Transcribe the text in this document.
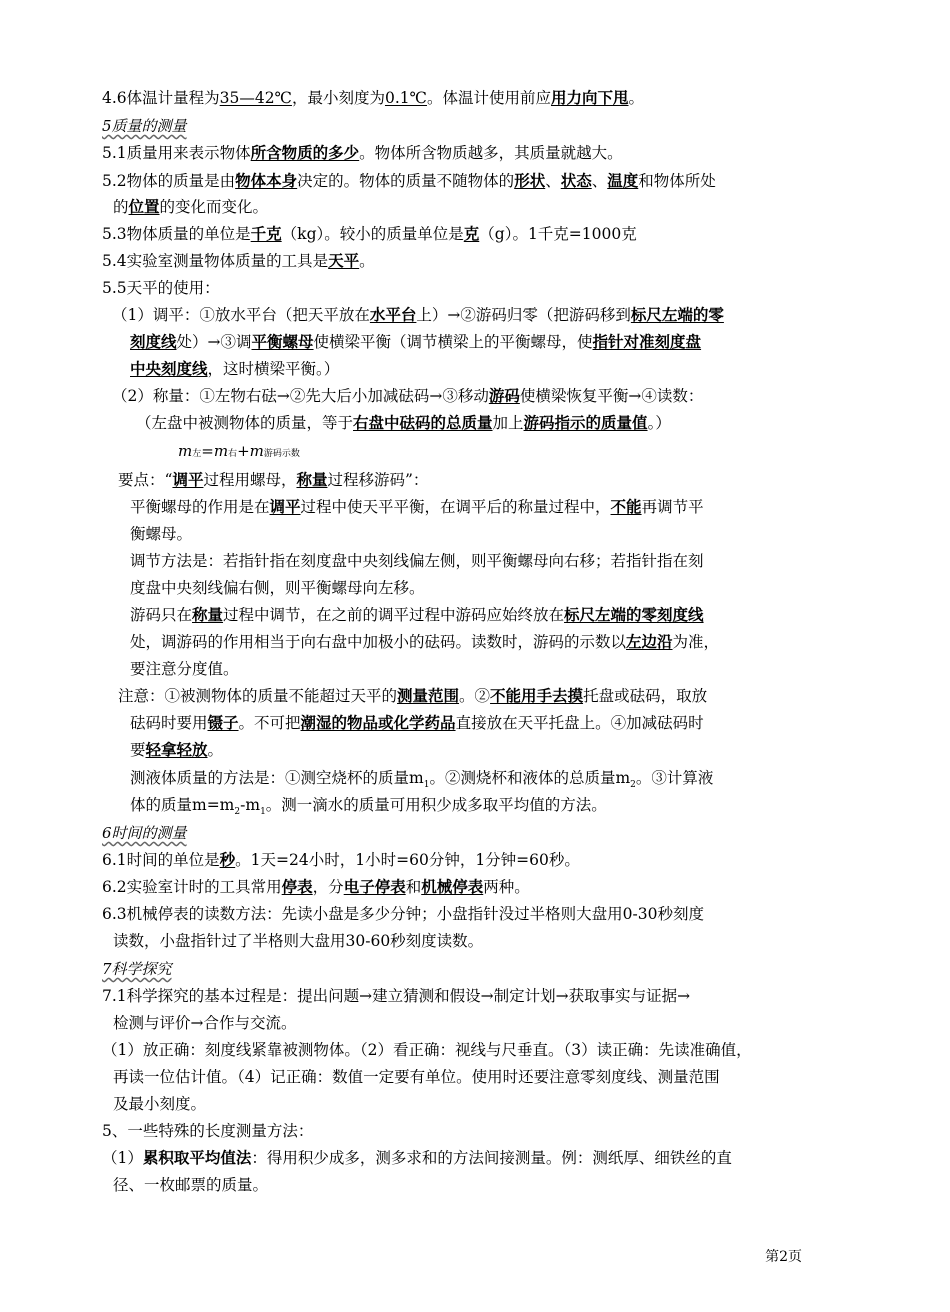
4.6体温计量程为35—42℃，最小刻度为0.1℃。体温计使用前应用力向下甩。
5质量的测量
5.1质量用来表示物体所含物质的多少。物体所含物质越多，其质量就越大。
5.2物体的质量是由物体本身决定的。物体的质量不随物体的形状、状态、温度和物体所处
的位置的变化而变化。
5.3物体质量的单位是千克（kg）。较小的质量单位是克（g）。1千克=1000克
5.4实验室测量物体质量的工具是天平。
5.5天平的使用：
（1）调平：①放水平台（把天平放在水平台上）→②游码归零（把游码移到标尺左端的零
刻度线处）→③调平衡螺母使横梁平衡（调节横梁上的平衡螺母，使指针对准刻度盘
中央刻度线，这时横梁平衡。）
（2）称量：①左物右砝→②先大后小加减砝码→③移动游码使横梁恢复平衡→④读数：
（左盘中被测物体的质量，等于右盘中砝码的总质量加上游码指示的质量值。）
m左=m右+m游码示数
要点：“调平过程用螺母，称量过程移游码”：
平衡螺母的作用是在调平过程中使天平平衡，在调平后的称量过程中，不能再调节平
衡螺母。
调节方法是：若指针指在刻度盘中央刻线偏左侧，则平衡螺母向右移；若指针指在刻
度盘中央刻线偏右侧，则平衡螺母向左移。
游码只在称量过程中调节，在之前的调平过程中游码应始终放在标尺左端的零刻度线
处，调游码的作用相当于向右盘中加极小的砝码。读数时，游码的示数以左边沿为准，
要注意分度值。
注意：①被测物体的质量不能超过天平的测量范围。②不能用手去摸托盘或砝码，取放
砝码时要用镊子。不可把潮湿的物品或化学药品直接放在天平托盘上。④加减砝码时
要轻拿轻放。
测液体质量的方法是：①测空烧杯的质量$m_1$。②测烧杯和液体的总质量$m_2$。③计算液
体的质量$m=m_2-m_1$。测一滴水的质量可用积少成多取平均值的方法。
6时间的测量
6.1时间的单位是秒。1天=24小时，1小时=60分钟，1分钟=60秒。
6.2实验室计时的工具常用停表，分电子停表和机械停表两种。
6.3机械停表的读数方法：先读小盘是多少分钟；小盘指针没过半格则大盘用0-30秒刻度
读数，小盘指针过了半格则大盘用30-60秒刻度读数。
7科学探究
7.1科学探究的基本过程是：提出问题→建立猜测和假设→制定计划→获取事实与证据→
检测与评价→合作与交流。
（1）放正确：刻度线紧靠被测物体。（2）看正确：视线与尺垂直。（3）读正确：先读准确值，
再读一位估计值。（4）记正确：数值一定要有单位。使用时还要注意零刻度线、测量范围
及最小刻度。
5、一些特殊的长度测量方法：
（1）累积取平均值法：得用积少成多，测多求和的方法间接测量。例：测纸厚、细铁丝的直
径、一枚邮票的质量。
第2页
